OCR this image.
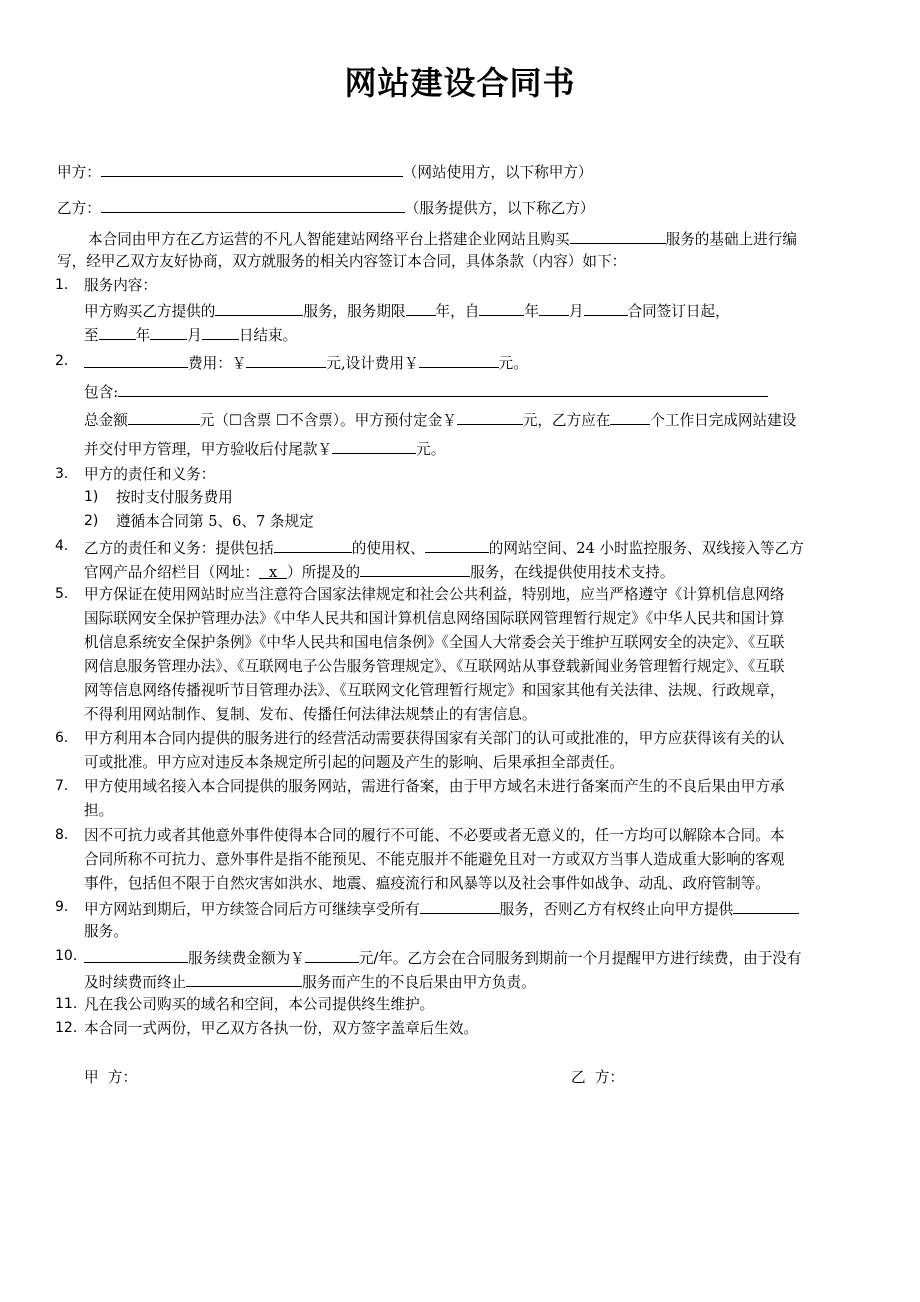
网站建设合同书
甲方：	（网站使用方，以下称甲方）
乙方：	（服务提供方，以下称乙方）
本合同由甲方在乙方运营的不凡人智能建站网络平台上搭建企业网站且购买	服务的基础上进行编
写，经甲乙双方友好协商，双方就服务的相关内容签订本合同，具体条款（内容）如下：
1. 服务内容：
甲方购买乙方提供的	服务，服务期限 年，自	年 月	合同签订日起，
至	年	月	日结束。
2.	费用：￥	元,设计费用￥	元。
包含:
总金额	元（☐含票 ☐不含票）。甲方预付定金￥	元，乙方应在	个工作日完成网站建设
并交付甲方管理，甲方验收后付尾款￥	元。
3. 甲方的责任和义务：
1) 按时支付服务费用
2) 遵循本合同第 5、6、7 条规定
4. 乙方的责任和义务：提供包括	的使用权、	的网站空间、24 小时监控服务、双线接入等乙方
官网产品介绍栏目（网址： x ）所提及的	服务，在线提供使用技术支持。
5. 甲方保证在使用网站时应当注意符合国家法律规定和社会公共利益，特别地，应当严格遵守《计算机信息网络
国际联网安全保护管理办法》《中华人民共和国计算机信息网络国际联网管理暂行规定》《中华人民共和国计算
机信息系统安全保护条例》《中华人民共和国电信条例》《全国人大常委会关于维护互联网安全的决定》、《互联
网信息服务管理办法》、《互联网电子公告服务管理规定》、《互联网站从事登载新闻业务管理暂行规定》、《互联
网等信息网络传播视听节目管理办法》、《互联网文化管理暂行规定》和国家其他有关法律、法规、行政规章，
不得利用网站制作、复制、发布、传播任何法律法规禁止的有害信息。
6. 甲方利用本合同内提供的服务进行的经营活动需要获得国家有关部门的认可或批准的，甲方应获得该有关的认
可或批准。甲方应对违反本条规定所引起的问题及产生的影响、后果承担全部责任。
7. 甲方使用域名接入本合同提供的服务网站，需进行备案，由于甲方域名未进行备案而产生的不良后果由甲方承
担。
8. 因不可抗力或者其他意外事件使得本合同的履行不可能、不必要或者无意义的，任一方均可以解除本合同。本
合同所称不可抗力、意外事件是指不能预见、不能克服并不能避免且对一方或双方当事人造成重大影响的客观
事件，包括但不限于自然灾害如洪水、地震、瘟疫流行和风暴等以及社会事件如战争、动乱、政府管制等。
9. 甲方网站到期后，甲方续签合同后方可继续享受所有	服务，否则乙方有权终止向甲方提供
服务。
10.	服务续费金额为￥	元/年。乙方会在合同服务到期前一个月提醒甲方进行续费，由于没有
及时续费而终止	服务而产生的不良后果由甲方负责。
11. 凡在我公司购买的域名和空间，本公司提供终生维护。
12. 本合同一式两份，甲乙双方各执一份，双方签字盖章后生效。
甲  方：	乙  方：
